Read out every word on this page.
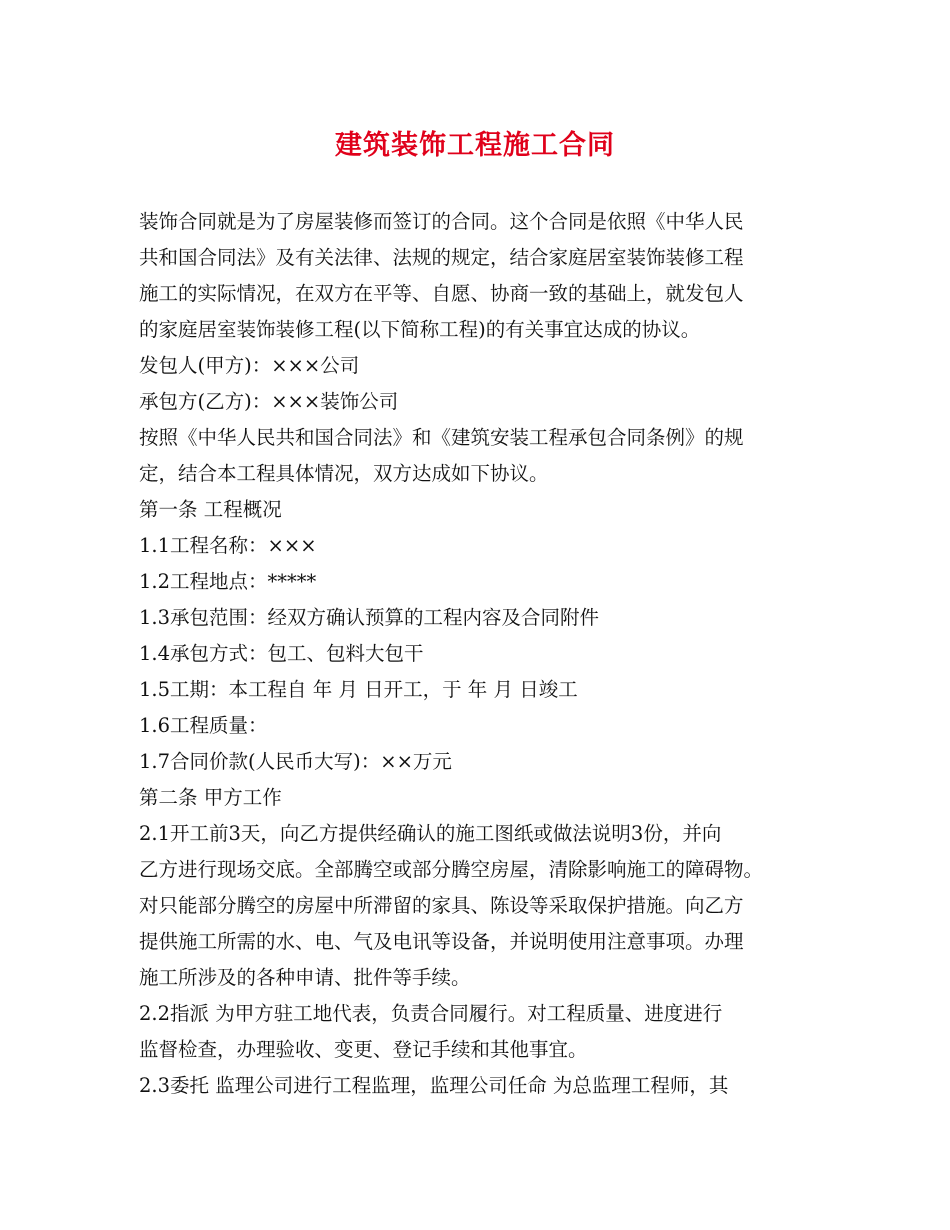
建筑装饰工程施工合同
装饰合同就是为了房屋装修而签订的合同。这个合同是依照《中华人民
共和国合同法》及有关法律、法规的规定，结合家庭居室装饰装修工程
施工的实际情况，在双方在平等、自愿、协商一致的基础上，就发包人
的家庭居室装饰装修工程(以下简称工程)的有关事宜达成的协议。
发包人(甲方)：×××公司
承包方(乙方)：×××装饰公司
按照《中华人民共和国合同法》和《建筑安装工程承包合同条例》的规
定，结合本工程具体情况，双方达成如下协议。
第一条 工程概况
1.1工程名称：×××
1.2工程地点：*****
1.3承包范围：经双方确认预算的工程内容及合同附件
1.4承包方式：包工、包料大包干
1.5工期：本工程自 年 月 日开工，于 年 月 日竣工
1.6工程质量：
1.7合同价款(人民币大写)：××万元
第二条 甲方工作
2.1开工前3天，向乙方提供经确认的施工图纸或做法说明3份，并向
乙方进行现场交底。全部腾空或部分腾空房屋，清除影响施工的障碍物。
对只能部分腾空的房屋中所滞留的家具、陈设等采取保护措施。向乙方
提供施工所需的水、电、气及电讯等设备，并说明使用注意事项。办理
施工所涉及的各种申请、批件等手续。
2.2指派 为甲方驻工地代表，负责合同履行。对工程质量、进度进行
监督检查，办理验收、变更、登记手续和其他事宜。
2.3委托 监理公司进行工程监理，监理公司任命 为总监理工程师，其
